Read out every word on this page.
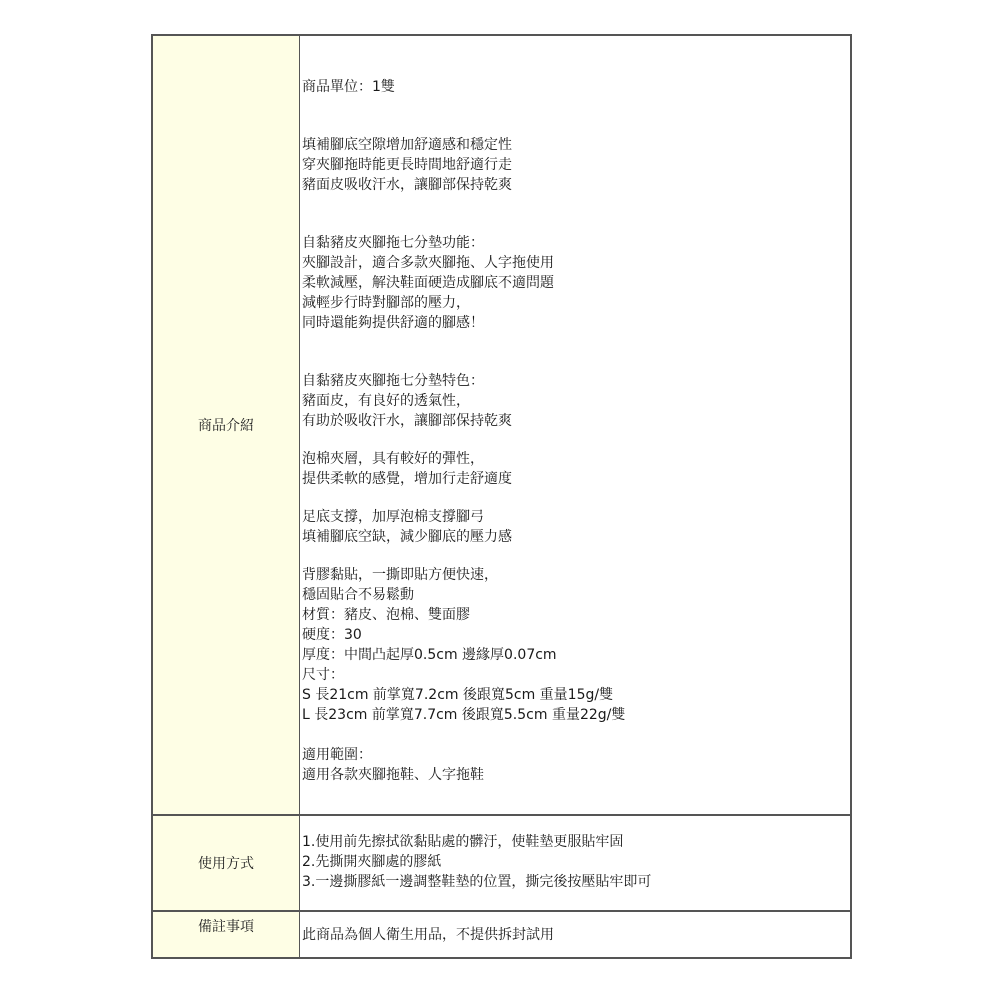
商品介紹
商品單位：1雙
填補腳底空隙增加舒適感和穩定性
穿夾腳拖時能更長時間地舒適行走
豬面皮吸收汗水，讓腳部保持乾爽
自黏豬皮夾腳拖七分墊功能：
夾腳設計，適合多款夾腳拖、人字拖使用
柔軟減壓，解決鞋面硬造成腳底不適問題
減輕步行時對腳部的壓力，
同時還能夠提供舒適的腳感！
自黏豬皮夾腳拖七分墊特色：
豬面皮，有良好的透氣性，
有助於吸收汗水，讓腳部保持乾爽
泡棉夾層，具有較好的彈性，
提供柔軟的感覺，增加行走舒適度
足底支撐，加厚泡棉支撐腳弓
填補腳底空缺，減少腳底的壓力感
背膠黏貼，一撕即貼方便快速，
穩固貼合不易鬆動
材質：豬皮、泡棉、雙面膠
硬度：30
厚度：中間凸起厚0.5cm 邊緣厚0.07cm
尺寸：
S 長21cm 前掌寬7.2cm 後跟寬5cm 重量15g/雙
L 長23cm 前掌寬7.7cm 後跟寬5.5cm 重量22g/雙
適用範圍：
適用各款夾腳拖鞋、人字拖鞋
使用方式
1.使用前先擦拭欲黏貼處的髒汙，使鞋墊更服貼牢固
2.先撕開夾腳處的膠紙
3.一邊撕膠紙一邊調整鞋墊的位置，撕完後按壓貼牢即可
備註事項	此商品為個人衛生用品，不提供拆封試用
